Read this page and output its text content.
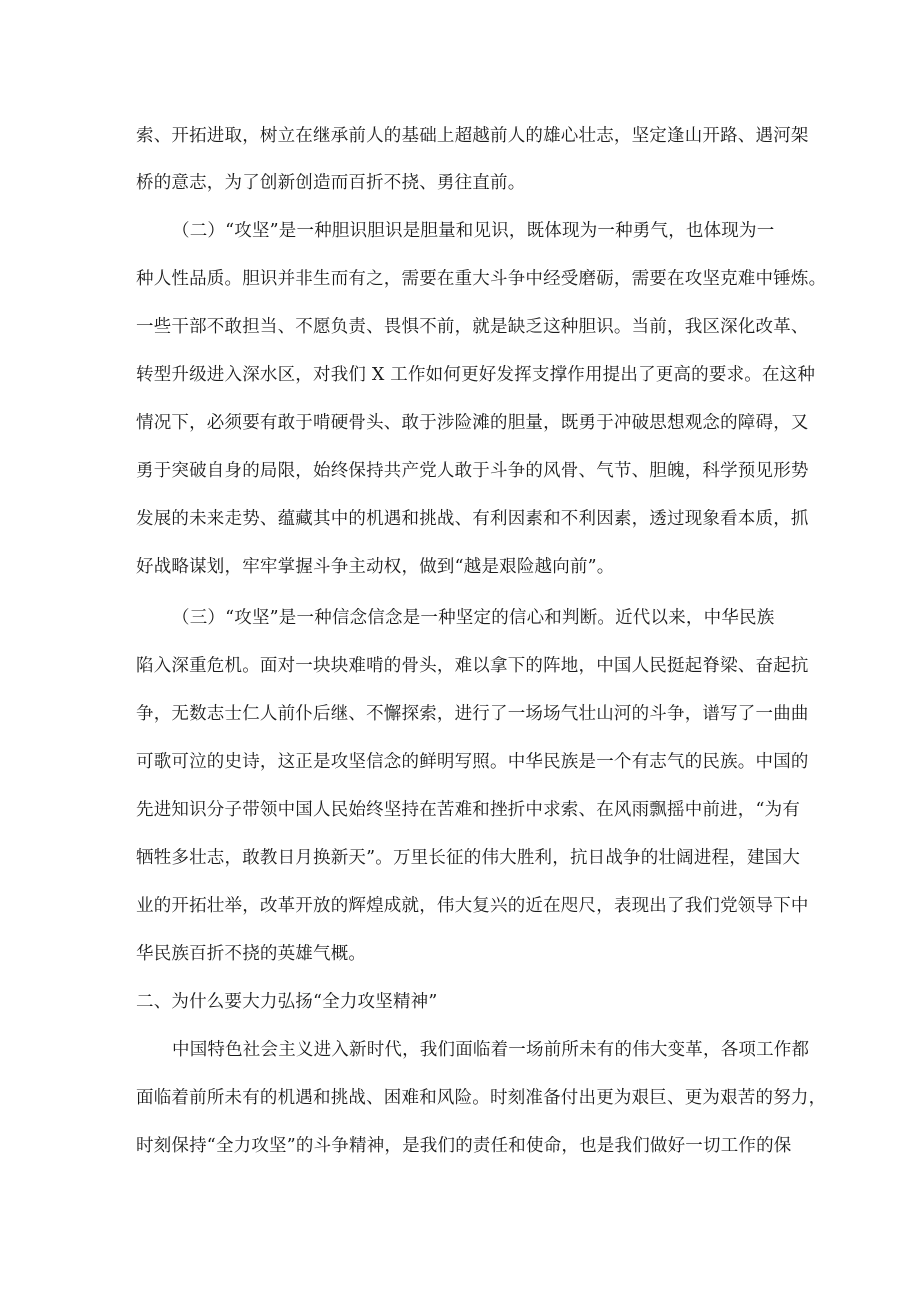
索、开拓进取，树立在继承前人的基础上超越前人的雄心壮志，坚定逢山开路、遇河架
桥的意志，为了创新创造而百折不挠、勇往直前。
（二）“攻坚”是一种胆识胆识是胆量和见识，既体现为一种勇气，也体现为一
种人性品质。胆识并非生而有之，需要在重大斗争中经受磨砺，需要在攻坚克难中锤炼。
一些干部不敢担当、不愿负责、畏惧不前，就是缺乏这种胆识。当前，我区深化改革、
转型升级进入深水区，对我们 X 工作如何更好发挥支撑作用提出了更高的要求。在这种
情况下，必须要有敢于啃硬骨头、敢于涉险滩的胆量，既勇于冲破思想观念的障碍，又
勇于突破自身的局限，始终保持共产党人敢于斗争的风骨、气节、胆魄，科学预见形势
发展的未来走势、蕴藏其中的机遇和挑战、有利因素和不利因素，透过现象看本质，抓
好战略谋划，牢牢掌握斗争主动权，做到“越是艰险越向前”。
（三）“攻坚”是一种信念信念是一种坚定的信心和判断。近代以来，中华民族
陷入深重危机。面对一块块难啃的骨头，难以拿下的阵地，中国人民挺起脊梁、奋起抗
争，无数志士仁人前仆后继、不懈探索，进行了一场场气壮山河的斗争，谱写了一曲曲
可歌可泣的史诗，这正是攻坚信念的鲜明写照。中华民族是一个有志气的民族。中国的
先进知识分子带领中国人民始终坚持在苦难和挫折中求索、在风雨飘摇中前进，“为有
牺牲多壮志，敢教日月换新天”。万里长征的伟大胜利，抗日战争的壮阔进程，建国大
业的开拓壮举，改革开放的辉煌成就，伟大复兴的近在咫尺，表现出了我们党领导下中
华民族百折不挠的英雄气概。
二、为什么要大力弘扬“全力攻坚精神”
中国特色社会主义进入新时代，我们面临着一场前所未有的伟大变革，各项工作都
面临着前所未有的机遇和挑战、困难和风险。时刻准备付出更为艰巨、更为艰苦的努力，
时刻保持“全力攻坚”的斗争精神，是我们的责任和使命，也是我们做好一切工作的保
